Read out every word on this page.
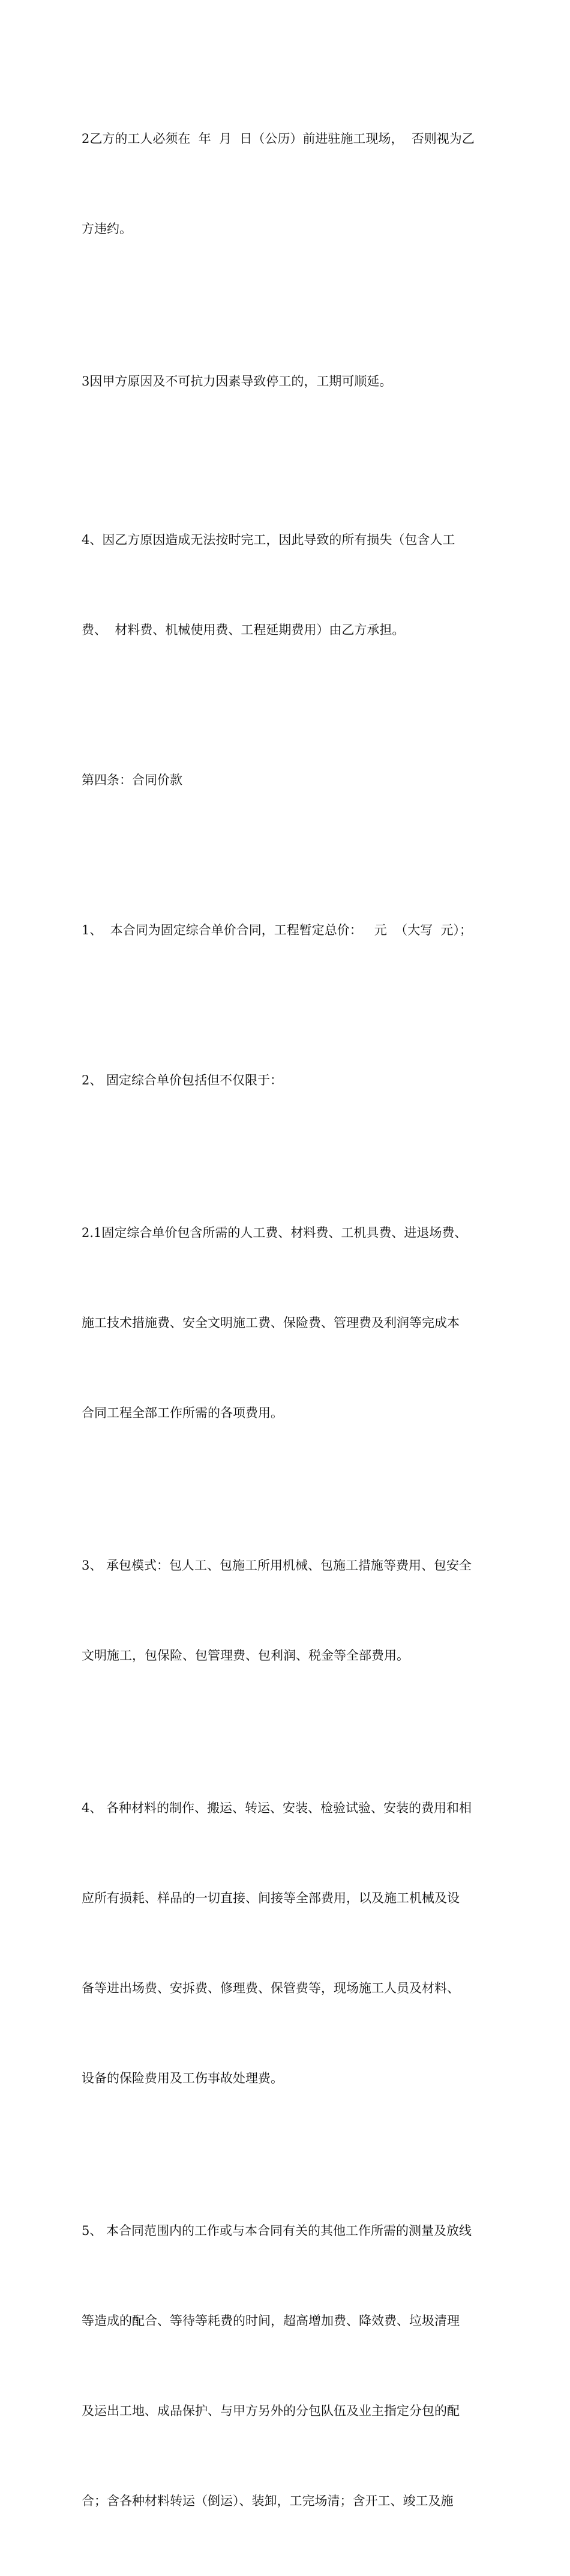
2乙方的工人必须在  年  月  日（公历）前进驻施工现场，  否则视为乙

方违约。

3因甲方原因及不可抗力因素导致停工的，工期可顺延。

4、因乙方原因造成无法按时完工，因此导致的所有损失（包含人工

费、  材料费、机械使用费、工程延期费用）由乙方承担。

第四条：合同价款

1、  本合同为固定综合单价合同，工程暂定总价：   元  （大写  元）；

2、 固定综合单价包括但不仅限于：

2.1固定综合单价包含所需的人工费、材料费、工机具费、进退场费、

施工技术措施费、安全文明施工费、保险费、管理费及利润等完成本

合同工程全部工作所需的各项费用。

3、 承包模式：包人工、包施工所用机械、包施工措施等费用、包安全

文明施工，包保险、包管理费、包利润、税金等全部费用。

4、 各种材料的制作、搬运、转运、安装、检验试验、安装的费用和相

应所有损耗、样品的一切直接、间接等全部费用，以及施工机械及设

备等进出场费、安拆费、修理费、保管费等，现场施工人员及材料、

设备的保险费用及工伤事故处理费。

5、 本合同范围内的工作或与本合同有关的其他工作所需的测量及放线

等造成的配合、等待等耗费的时间，超高增加费、降效费、垃圾清理

及运出工地、成品保护、与甲方另外的分包队伍及业主指定分包的配

合；含各种材料转运（倒运）、装卸，工完场清；含开工、竣工及施
